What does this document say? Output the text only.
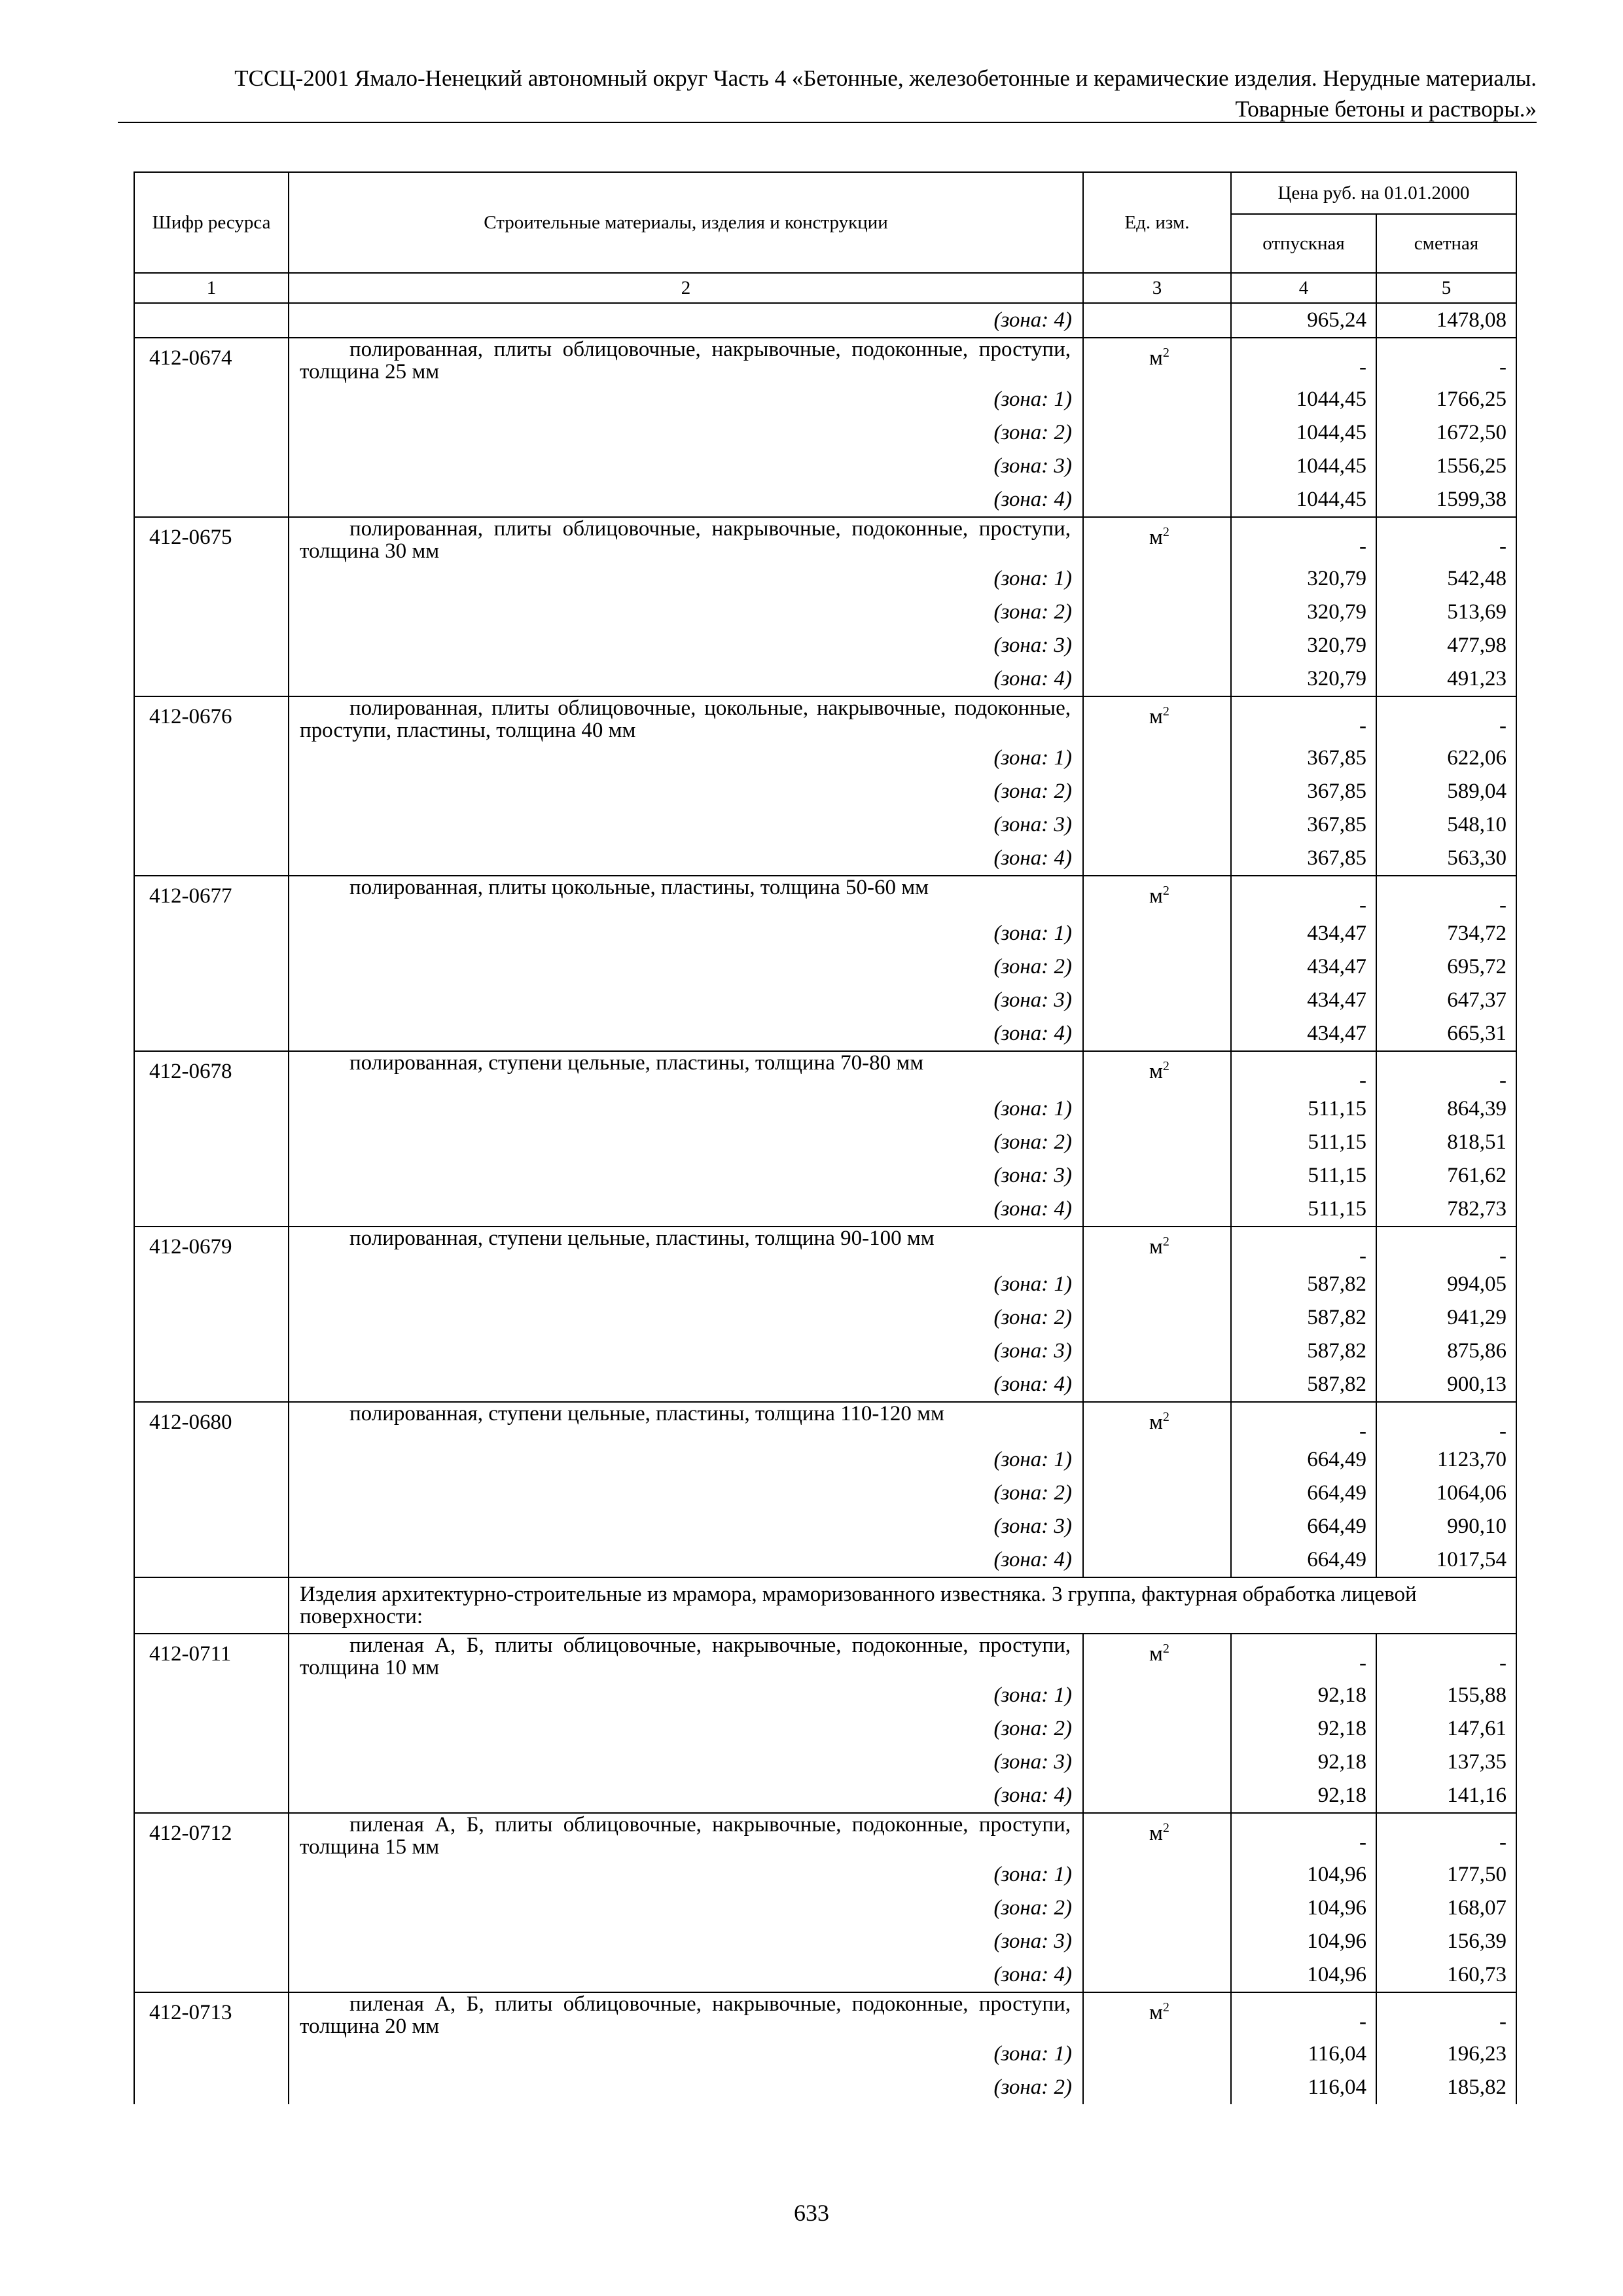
ТССЦ-2001 Ямало-Ненецкий автономный округ Часть 4 «Бетонные, железобетонные и керамические изделия. Нерудные материалы.
Товарные бетоны и растворы.»
Шифр ресурса	Строительные материалы, изделия и конструкции	Ед. изм.	Цена руб. на 01.01.2000	
			отпускная	сметная
1	2	3	4	5
	(зона: 4)		965,24	1478,08
412-0674	полированная, плиты облицовочные, накрывочные, подоконные, проступи, толщина 25 мм	$м^2$	-	-
	(зона: 1)		1044,45	1766,25
	(зона: 2)		1044,45	1672,50
	(зона: 3)		1044,45	1556,25
	(зона: 4)		1044,45	1599,38
412-0675	полированная, плиты облицовочные, накрывочные, подоконные, проступи, толщина 30 мм	$м^2$	-	-
	(зона: 1)		320,79	542,48
	(зона: 2)		320,79	513,69
	(зона: 3)		320,79	477,98
	(зона: 4)		320,79	491,23
412-0676	полированная, плиты облицовочные, цокольные, накрывочные, подоконные, проступи, пластины, толщина 40 мм	$м^2$	-	-
	(зона: 1)		367,85	622,06
	(зона: 2)		367,85	589,04
	(зона: 3)		367,85	548,10
	(зона: 4)		367,85	563,30
412-0677	полированная, плиты цокольные, пластины, толщина 50-60 мм	$м^2$	-	-
	(зона: 1)		434,47	734,72
	(зона: 2)		434,47	695,72
	(зона: 3)		434,47	647,37
	(зона: 4)		434,47	665,31
412-0678	полированная, ступени цельные, пластины, толщина 70-80 мм	$м^2$	-	-
	(зона: 1)		511,15	864,39
	(зона: 2)		511,15	818,51
	(зона: 3)		511,15	761,62
	(зона: 4)		511,15	782,73
412-0679	полированная, ступени цельные, пластины, толщина 90-100 мм	$м^2$	-	-
	(зона: 1)		587,82	994,05
	(зона: 2)		587,82	941,29
	(зона: 3)		587,82	875,86
	(зона: 4)		587,82	900,13
412-0680	полированная, ступени цельные, пластины, толщина 110-120 мм	$м^2$	-	-
	(зона: 1)		664,49	1123,70
	(зона: 2)		664,49	1064,06
	(зона: 3)		664,49	990,10
	(зона: 4)		664,49	1017,54
	Изделия архитектурно-строительные из мрамора, мраморизованного известняка. 3 группа, фактурная обработка лицевой поверхности:			
412-0711	пиленая А, Б, плиты облицовочные, накрывочные, подоконные, проступи, толщина 10 мм	$м^2$	-	-
	(зона: 1)		92,18	155,88
	(зона: 2)		92,18	147,61
	(зона: 3)		92,18	137,35
	(зона: 4)		92,18	141,16
412-0712	пиленая А, Б, плиты облицовочные, накрывочные, подоконные, проступи, толщина 15 мм	$м^2$	-	-
	(зона: 1)		104,96	177,50
	(зона: 2)		104,96	168,07
	(зона: 3)		104,96	156,39
	(зона: 4)		104,96	160,73
412-0713	пиленая А, Б, плиты облицовочные, накрывочные, подоконные, проступи, толщина 20 мм	$м^2$	-	-
	(зона: 1)		116,04	196,23
	(зона: 2)		116,04	185,82
633
